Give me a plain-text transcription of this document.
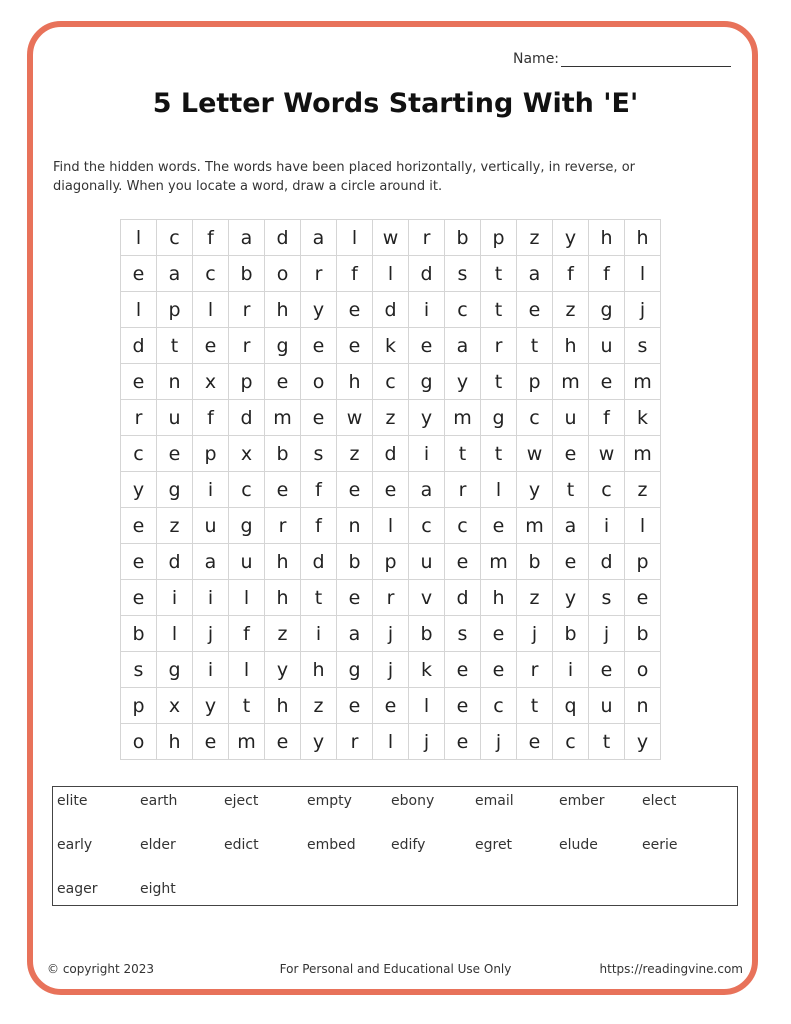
Name:
5 Letter Words Starting With 'E'
Find the hidden words. The words have been placed horizontally, vertically, in reverse, or diagonally. When you locate a word, draw a circle around it.
l	c	f	a	d	a	l	w	r	b	p	z	y	h	h
e	a	c	b	o	r	f	l	d	s	t	a	f	f	l
l	p	l	r	h	y	e	d	i	c	t	e	z	g	j
d	t	e	r	g	e	e	k	e	a	r	t	h	u	s
e	n	x	p	e	o	h	c	g	y	t	p	m	e	m
r	u	f	d	m	e	w	z	y	m	g	c	u	f	k
c	e	p	x	b	s	z	d	i	t	t	w	e	w	m
y	g	i	c	e	f	e	e	a	r	l	y	t	c	z
e	z	u	g	r	f	n	l	c	c	e	m	a	i	l
e	d	a	u	h	d	b	p	u	e	m	b	e	d	p
e	i	i	l	h	t	e	r	v	d	h	z	y	s	e
b	l	j	f	z	i	a	j	b	s	e	j	b	j	b
s	g	i	l	y	h	g	j	k	e	e	r	i	e	o
p	x	y	t	h	z	e	e	l	e	c	t	q	u	n
o	h	e	m	e	y	r	l	j	e	j	e	c	t	y
elite	earth	eject	empty	ebony	email	ember	elect
early	elder	edict	embed	edify	egret	elude	eerie
eager	eight
© copyright 2023	For Personal and Educational Use Only	https://readingvine.com
